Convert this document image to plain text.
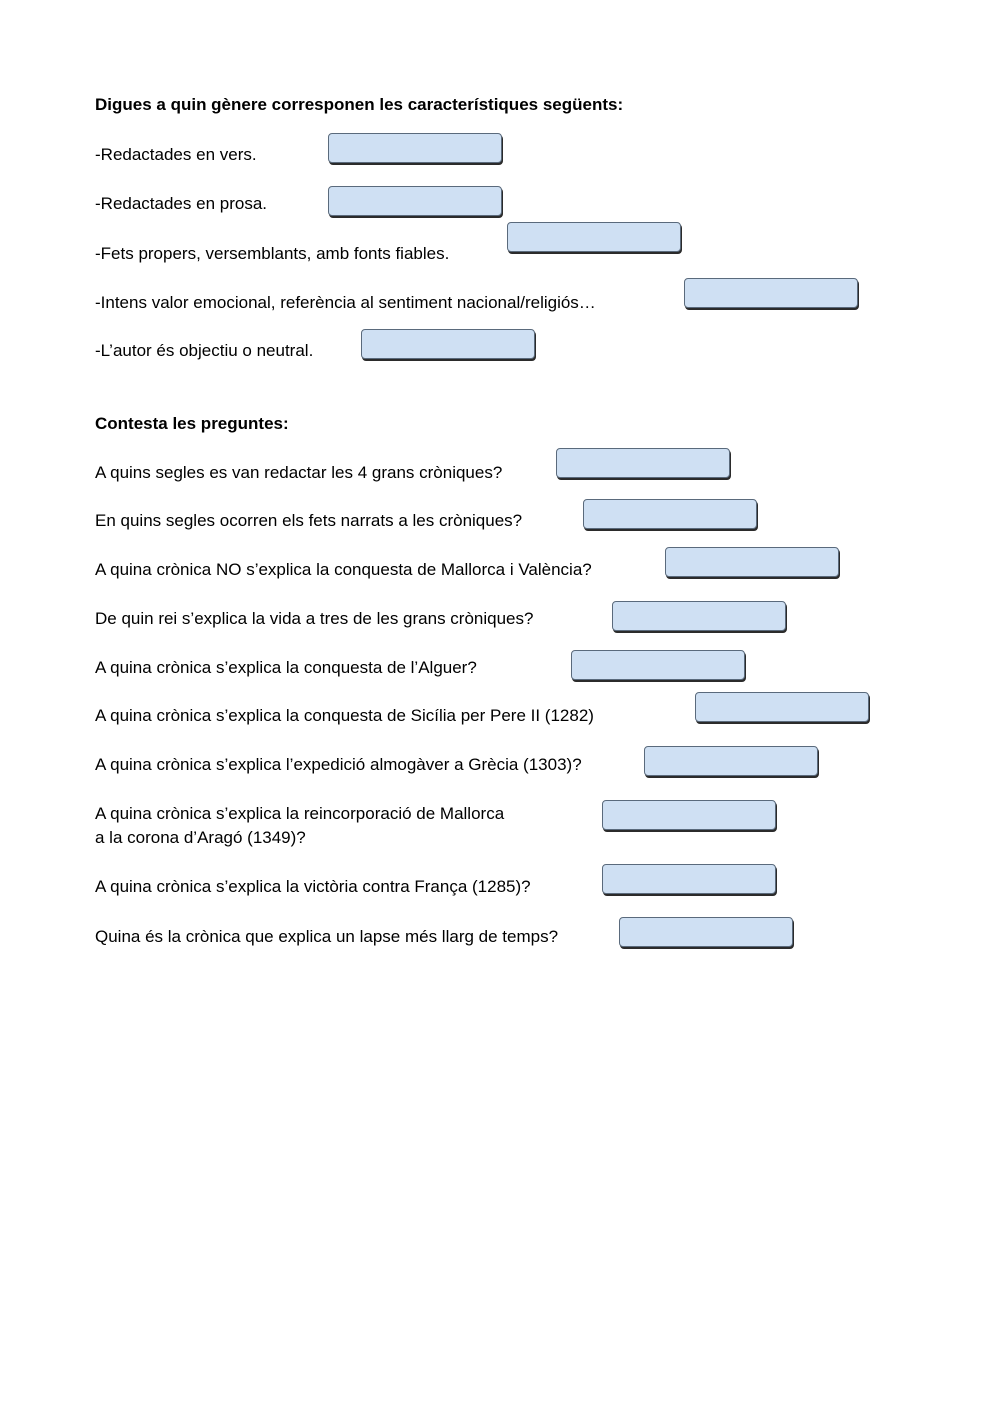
Digues a quin gènere corresponen les característiques següents:
-Redactades en vers.
-Redactades en prosa.
-Fets propers, versemblants, amb fonts fiables.
-Intens valor emocional, referència al sentiment nacional/religiós…
-L’autor és objectiu o neutral.
Contesta les preguntes:
A quins segles es van redactar les 4 grans cròniques?
En quins segles ocorren els fets narrats a les cròniques?
A quina crònica NO s’explica la conquesta de Mallorca i València?
De quin rei s’explica la vida a tres de les grans cròniques?
A quina crònica s’explica la conquesta de l’Alguer?
A quina crònica s’explica la conquesta de Sicília per Pere II (1282)
A quina crònica s’explica l’expedició almogàver a Grècia (1303)?
A quina crònica s’explica la reincorporació de Mallorca
a la corona d’Aragó (1349)?
A quina crònica s’explica la victòria contra França (1285)?
Quina és la crònica que explica un lapse més llarg de temps?
